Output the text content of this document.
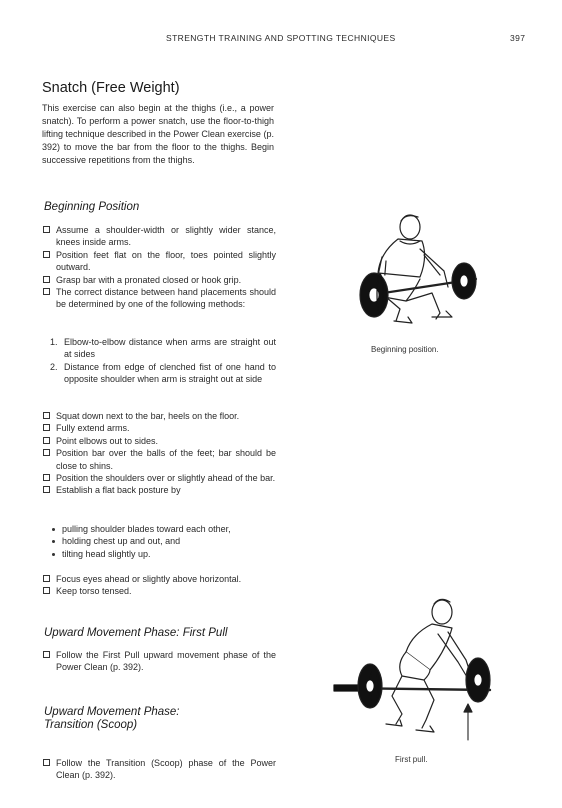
STRENGTH TRAINING AND SPOTTING TECHNIQUES	397
Snatch (Free Weight)

This exercise can also begin at the thighs (i.e., a power snatch). To perform a power snatch, use the floor-to-thigh lifting technique described in the Power Clean exercise (p. 392) to move the bar from the floor to the thighs. Begin successive repetitions from the thighs.

Beginning Position
Assume a shoulder-width or slightly wider stance, knees inside arms.
Position feet flat on the floor, toes pointed slightly outward.
Grasp bar with a pronated closed or hook grip.
The correct distance between hand placements should be determined by one of the following methods:
1. Elbow-to-elbow distance when arms are straight out at sides
2. Distance from edge of clenched fist of one hand to opposite shoulder when arm is straight out at side
Squat down next to the bar, heels on the floor.
Fully extend arms.
Point elbows out to sides.
Position bar over the balls of the feet; bar should be close to shins.
Position the shoulders over or slightly ahead of the bar.
Establish a flat back posture by
pulling shoulder blades toward each other,
holding chest up and out, and
tilting head slightly up.
Focus eyes ahead or slightly above horizontal.
Keep torso tensed.
Upward Movement Phase: First Pull
Follow the First Pull upward movement phase of the Power Clean (p. 392).
Upward Movement Phase:
Transition (Scoop)
Follow the Transition (Scoop) phase of the Power Clean (p. 392).
Beginning position.
First pull.
